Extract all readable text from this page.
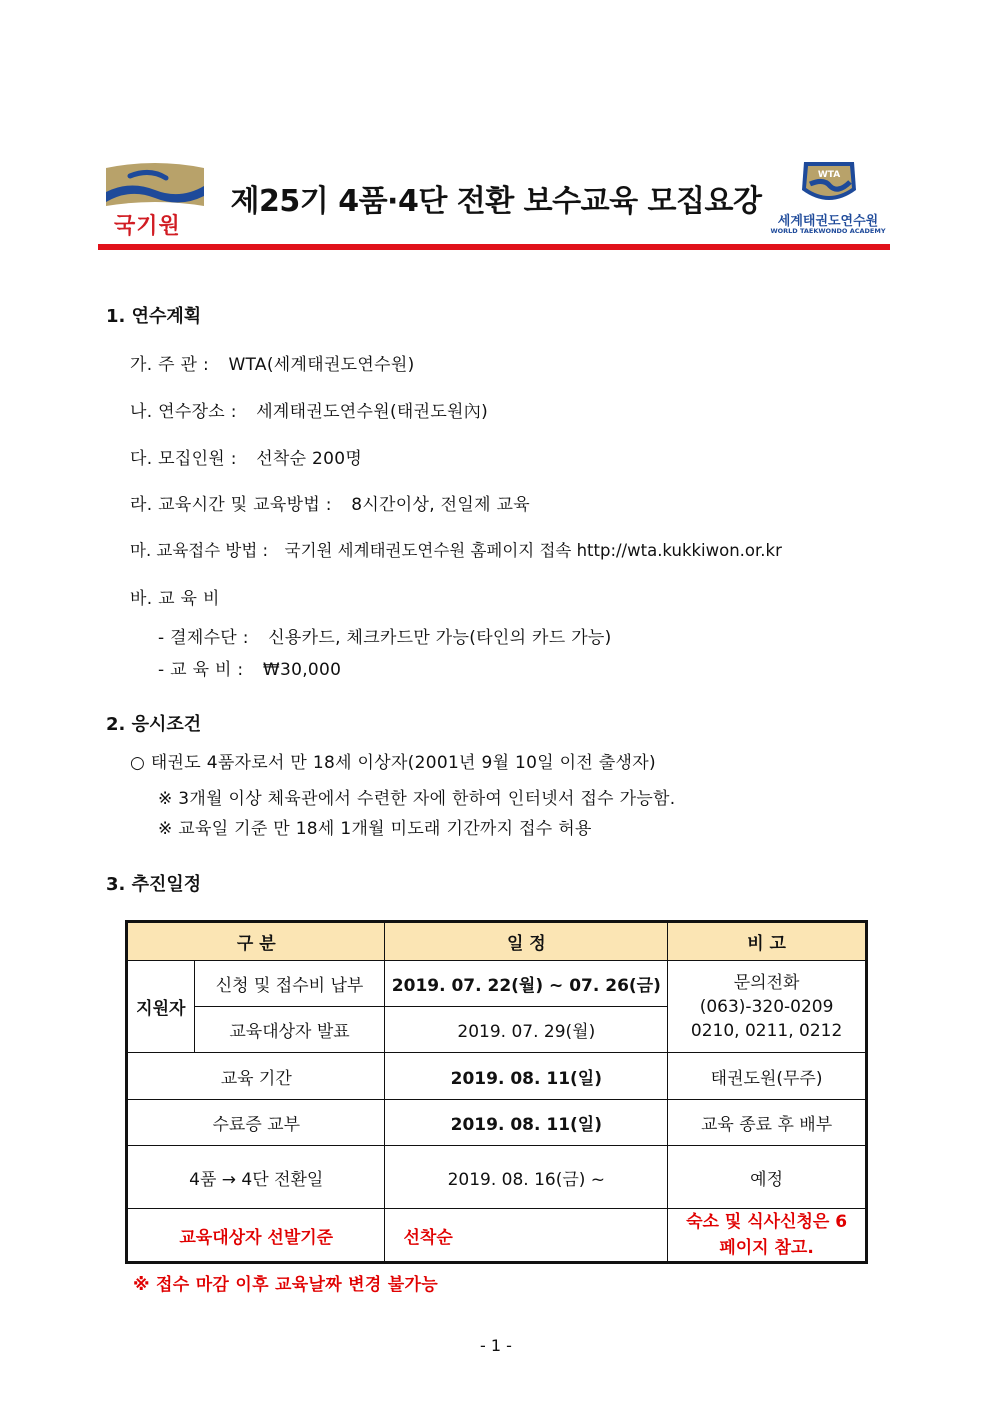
국기원
제25기 4품·4단 전환 보수교육 모집요강
WTA
세계태권도연수원
WORLD TAEKWONDO ACADEMY
1. 연수계획
가. 주 관 : WTA(세계태권도연수원)
나. 연수장소 : 세계태권도연수원(태권도원內)
다. 모집인원 : 선착순 200명
라. 교육시간 및 교육방법 : 8시간이상, 전일제 교육
마. 교육접수 방법 : 국기원 세계태권도연수원 홈페이지 접속 http://wta.kukkiwon.or.kr
바. 교 육 비
- 결제수단 : 신용카드, 체크카드만 가능(타인의 카드 가능)
- 교 육 비 : ₩30,000
2. 응시조건
○ 태권도 4품자로서 만 18세 이상자(2001년 9월 10일 이전 출생자)
※ 3개월 이상 체육관에서 수련한 자에 한하여 인터넷서 접수 가능함.
※ 교육일 기준 만 18세 1개월 미도래 기간까지 접수 허용
3. 추진일정
구 분		일 정	비 고
지원자	신청 및 접수비 납부	2019. 07. 22(월) ~ 07. 26(금)	문의전화
(063)-320-0209
0210, 0211, 0212

	교육대상자 발표	2019. 07. 29(월)	
교육 기간		2019. 08. 11(일)	태권도원(무주)
수료증 교부		2019. 08. 11(일)	교육 종료 후 배부
4품 → 4단 전환일		2019. 08. 16(금) ~	예정
교육대상자 선발기준		선착순	숙소 및 식사신청은 6 페이지 참고.
※ 접수 마감 이후 교육날짜 변경 불가능
- 1 -
